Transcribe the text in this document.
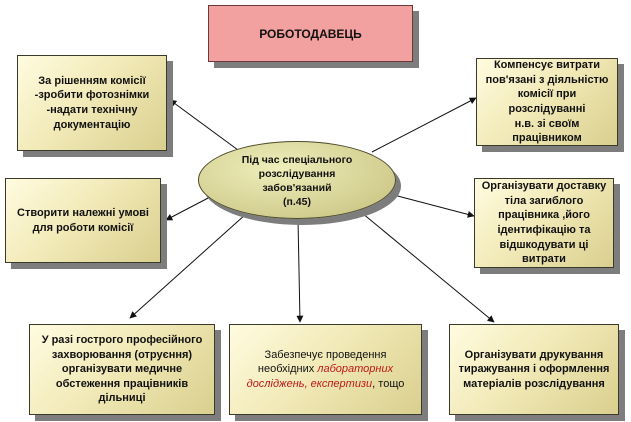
РОБОТОДАВЕЦЬ
За рішенням комісії
-зробити фотознімки
-надати технічну
документацію
Створити належні умові
для роботи комісії
У разі гострого професійного
захворювання (отруєння)
організувати медичне
обстеження працівників
дільниці
Забезпечує проведення необхідних лабораторних досліджень, експертизи, тощо
Організувати друкування
тиражування і оформлення
матеріалів розслідування
Організувати доставку
тіла загиблого
працівника ,його
ідентифікацію та
відшкодувати ці витрати
Компенсує витрати
пов'язані з діяльністю
комісії при розслідуванні
н.в. зі своїм працівником
Під час спеціального
розслідування
забов'язаний
(п.45)
